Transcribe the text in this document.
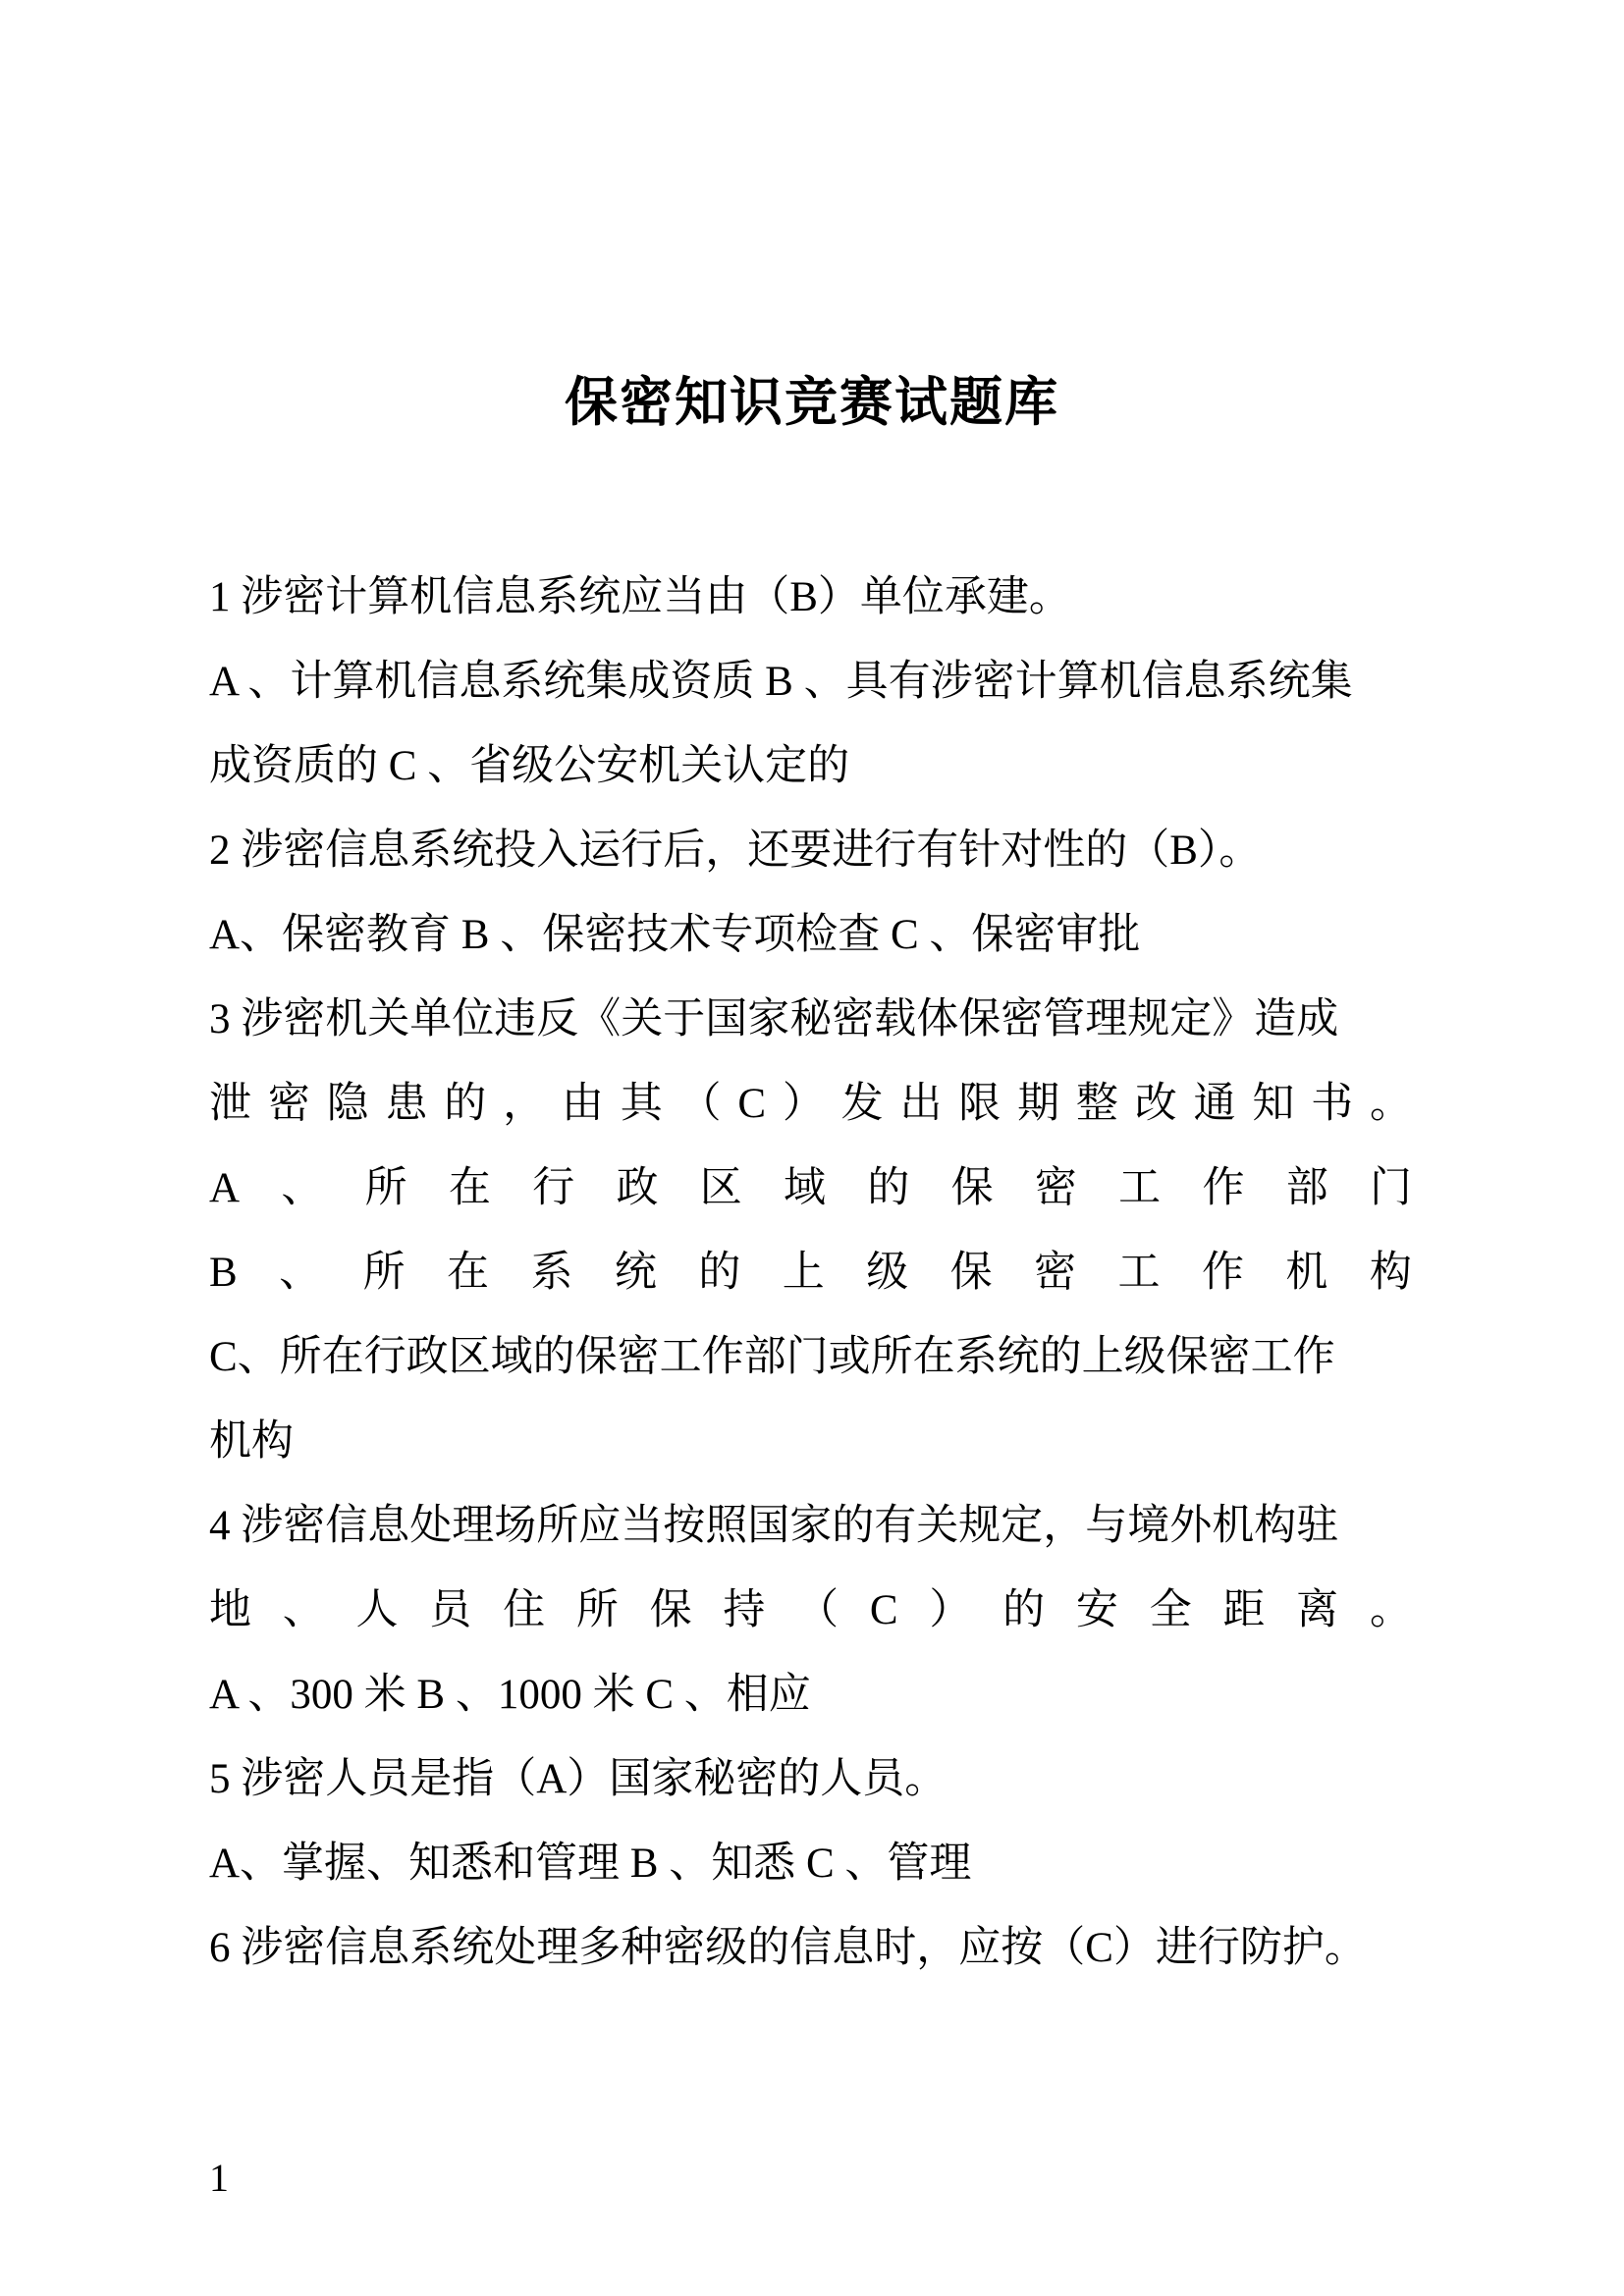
保密知识竞赛试题库
1 涉密计算机信息系统应当由（B）单位承建。
A 、计算机信息系统集成资质 B 、具有涉密计算机信息系统集
成资质的 C 、省级公安机关认定的
2 涉密信息系统投入运行后，还要进行有针对性的（B）。
A、保密教育 B 、保密技术专项检查 C 、保密审批
3 涉密机关单位违反《关于国家秘密载体保密管理规定》造成
泄 密 隐 患 的 ， 由 其 （ C ） 发 出 限 期 整 改 通 知 书 。
A 、 所 在 行 政 区 域 的 保 密 工 作 部 门
B 、 所 在 系 统 的 上 级 保 密 工 作 机 构
C、所在行政区域的保密工作部门或所在系统的上级保密工作
机构
4 涉密信息处理场所应当按照国家的有关规定，与境外机构驻
地 、 人 员 住 所 保 持 （ C ） 的 安 全 距 离 。
A 、300 米 B 、1000 米 C 、相应
5 涉密人员是指（A）国家秘密的人员。
A、掌握、知悉和管理 B 、知悉 C 、管理
6 涉密信息系统处理多种密级的信息时，应按（C）进行防护。
1
